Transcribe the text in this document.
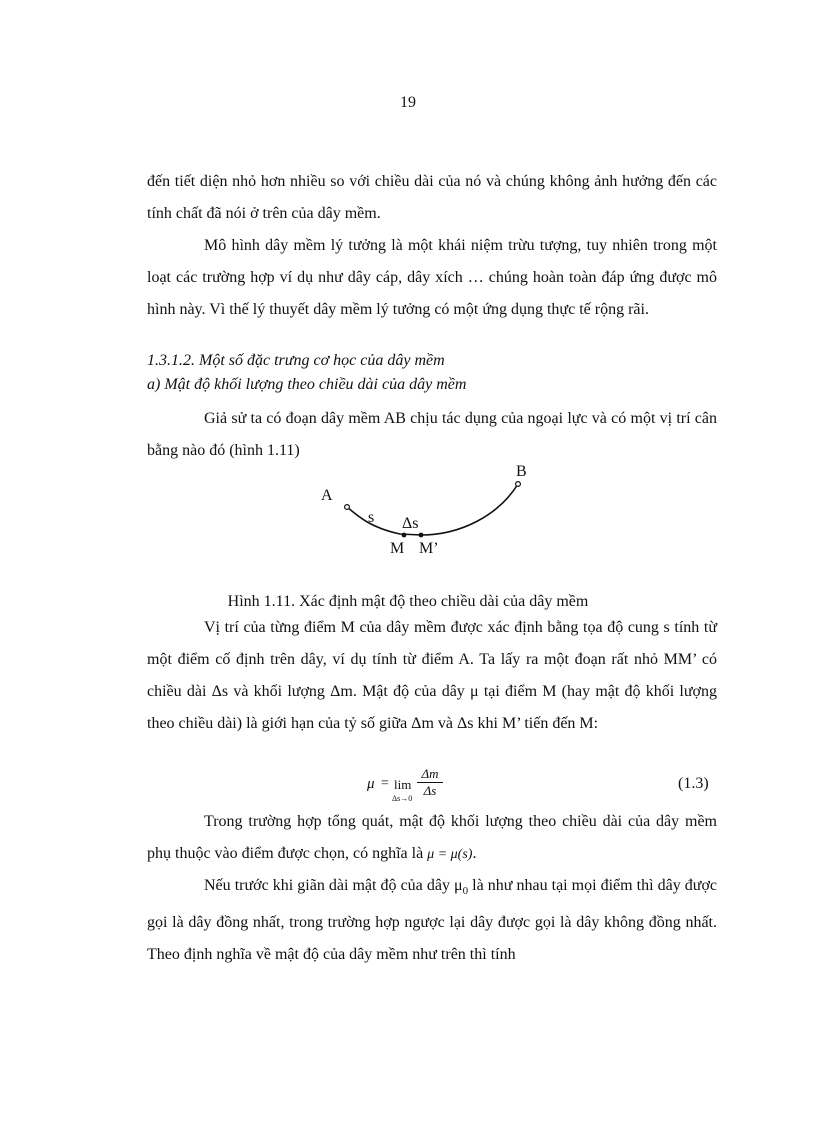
19

đến tiết diện nhỏ hơn nhiều so với chiều dài của nó và chúng không ảnh hưởng đến các tính chất đã nói ở trên của dây mềm.

Mô hình dây mềm lý tưởng là một khái niệm trừu tượng, tuy nhiên trong một loạt các trường hợp ví dụ như dây cáp, dây xích … chúng hoàn toàn đáp ứng được mô hình này. Vì thế lý thuyết dây mềm lý tưởng có một ứng dụng thực tế rộng rãi.

1.3.1.2. Một số đặc trưng cơ học của dây mềm
a) Mật độ khối lượng theo chiều dài của dây mềm

Giả sử ta có đoạn dây mềm AB chịu tác dụng của ngoại lực và có một vị trí cân bằng nào đó (hình 1.11)

A
B
s Δs
M M’
Hình 1.11. Xác định mật độ theo chiều dài của dây mềm

Vị trí của từng điểm M của dây mềm được xác định bằng tọa độ cung s tính từ một điểm cố định trên dây, ví dụ tính từ điểm A. Ta lấy ra một đoạn rất nhỏ MM’ có chiều dài Δs và khối lượng Δm. Mật độ của dây μ tại điểm M (hay mật độ khối lượng theo chiều dài) là giới hạn của tỷ số giữa Δm và Δs khi M’ tiến đến M:

μ = lim
$\Delta s\to 0 \frac{\Delta m}{\Delta s}$	(1.3)

Trong trường hợp tổng quát, mật độ khối lượng theo chiều dài của dây mềm phụ thuộc vào điểm được chọn, có nghĩa là μ = μ(s).

Nếu trước khi giãn dài mật độ của dây $\mu_0$ là như nhau tại mọi điểm thì dây được gọi là dây đồng nhất, trong trường hợp ngược lại dây được gọi là dây không đồng nhất. Theo định nghĩa về mật độ của dây mềm như trên thì tính
